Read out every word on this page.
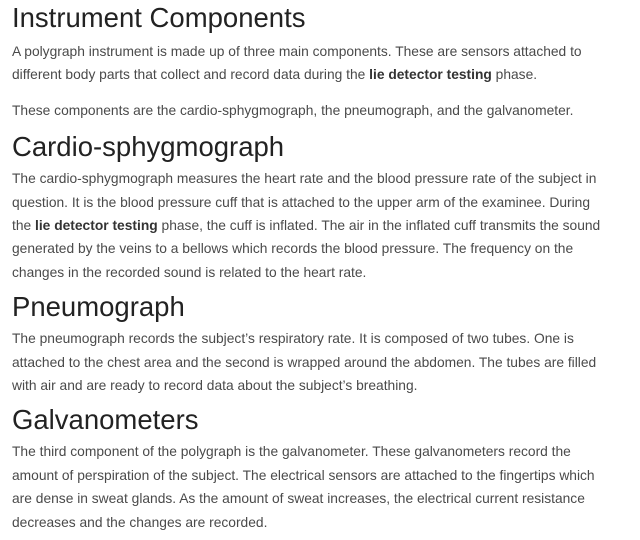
Instrument Components

A polygraph instrument is made up of three main components. These are sensors attached to different body parts that collect and record data during the lie detector testing phase.

These components are the cardio-sphygmograph, the pneumograph, and the galvanometer.

Cardio-sphygmograph

The cardio-sphygmograph measures the heart rate and the blood pressure rate of the subject in question. It is the blood pressure cuff that is attached to the upper arm of the examinee. During the lie detector testing phase, the cuff is inflated. The air in the inflated cuff transmits the sound generated by the veins to a bellows which records the blood pressure. The frequency on the changes in the recorded sound is related to the heart rate.

Pneumograph

The pneumograph records the subject’s respiratory rate. It is composed of two tubes. One is attached to the chest area and the second is wrapped around the abdomen. The tubes are filled with air and are ready to record data about the subject’s breathing.

Galvanometers

The third component of the polygraph is the galvanometer. These galvanometers record the amount of perspiration of the subject. The electrical sensors are attached to the fingertips which are dense in sweat glands. As the amount of sweat increases, the electrical current resistance decreases and the changes are recorded.
